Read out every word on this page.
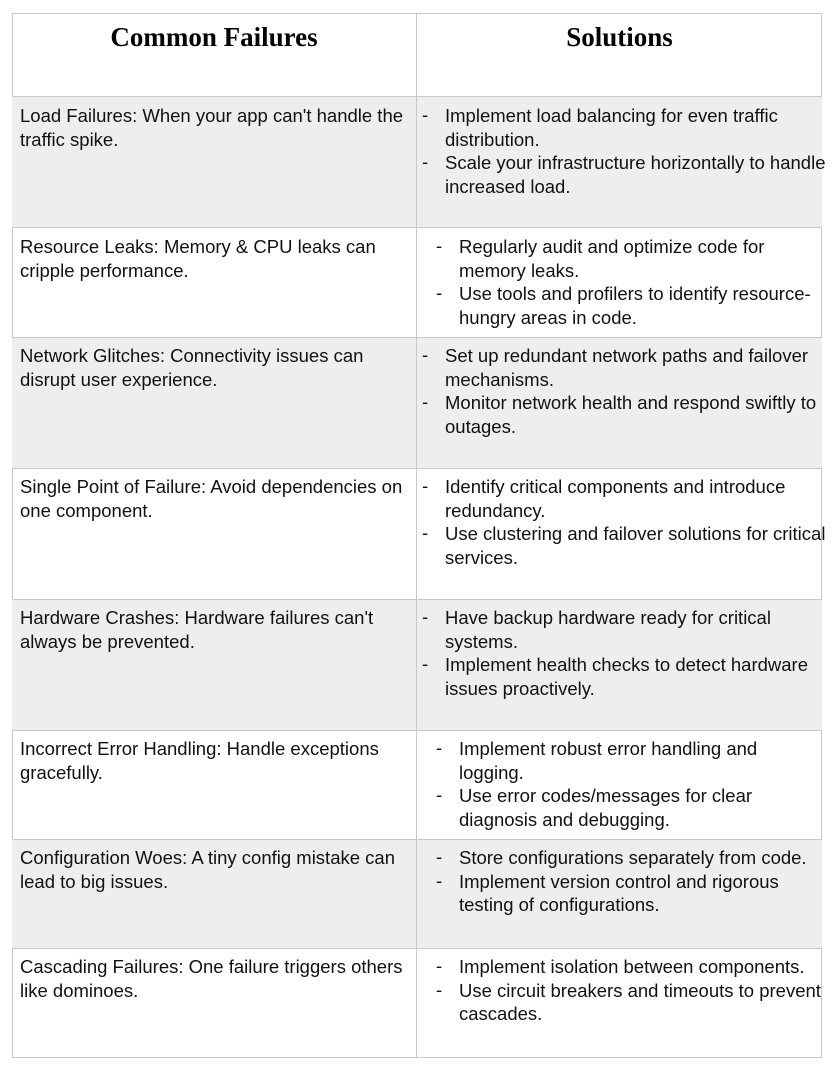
Common Failures	Solutions
Load Failures: When your app can't handle the traffic spike.
- Implement load balancing for even traffic distribution.
- Scale your infrastructure horizontally to handle increased load.
Resource Leaks: Memory & CPU leaks can cripple performance.
- Regularly audit and optimize code for memory leaks.
- Use tools and profilers to identify resource-hungry areas in code.
Network Glitches: Connectivity issues can disrupt user experience.
- Set up redundant network paths and failover mechanisms.
- Monitor network health and respond swiftly to outages.
Single Point of Failure: Avoid dependencies on one component.
- Identify critical components and introduce redundancy.
- Use clustering and failover solutions for critical services.
Hardware Crashes: Hardware failures can't always be prevented.
- Have backup hardware ready for critical systems.
- Implement health checks to detect hardware issues proactively.
Incorrect Error Handling: Handle exceptions gracefully.
- Implement robust error handling and logging.
- Use error codes/messages for clear diagnosis and debugging.
Configuration Woes: A tiny config mistake can lead to big issues.
- Store configurations separately from code.
- Implement version control and rigorous testing of configurations.
Cascading Failures: One failure triggers others like dominoes.
- Implement isolation between components.
- Use circuit breakers and timeouts to prevent cascades.
